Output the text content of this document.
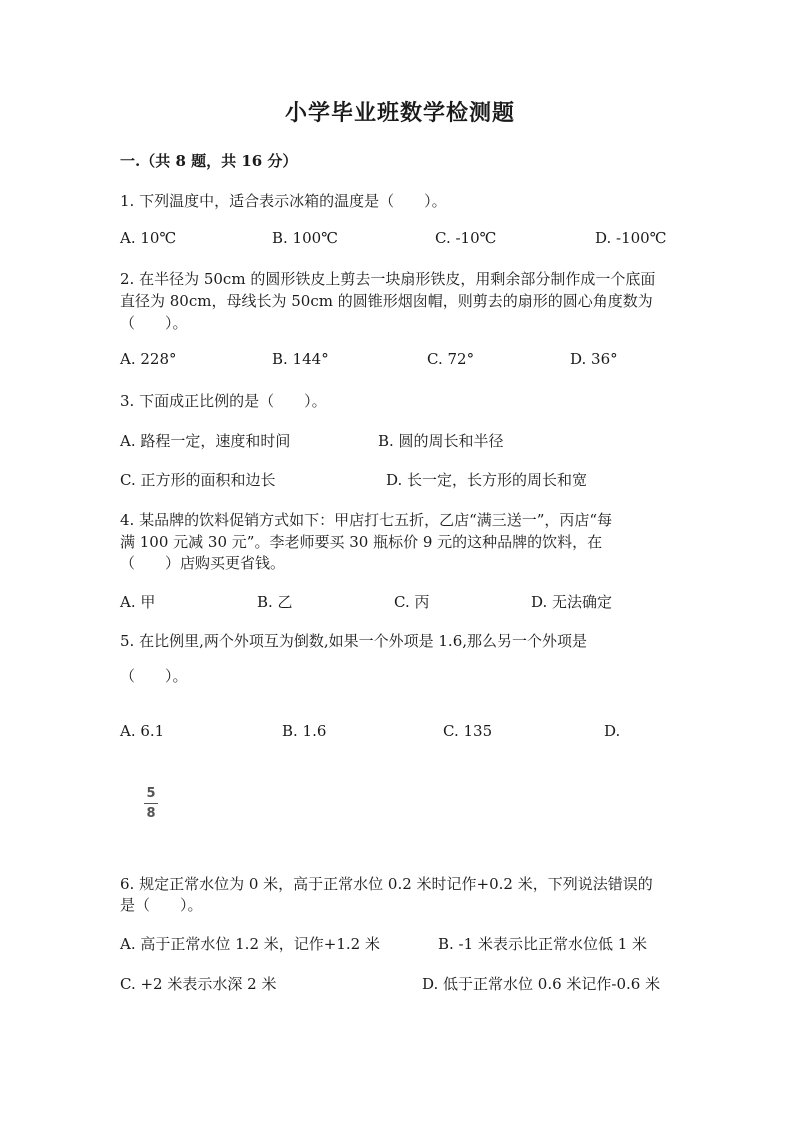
小学毕业班数学检测题
一.（共 8 题，共 16 分）
1. 下列温度中，适合表示冰箱的温度是（　　）。
A. 10℃	B. 100℃	C. -10℃	D. -100℃
2. 在半径为 50cm 的圆形铁皮上剪去一块扇形铁皮，用剩余部分制作成一个底面
直径为 80cm，母线长为 50cm 的圆锥形烟囱帽，则剪去的扇形的圆心角度数为
（　　）。
A. 228°	B. 144°	C. 72°	D. 36°
3. 下面成正比例的是（　　）。
A. 路程一定，速度和时间	B. 圆的周长和半径
C. 正方形的面积和边长	D. 长一定，长方形的周长和宽
4. 某品牌的饮料促销方式如下：甲店打七五折，乙店“满三送一”，丙店“每
满 100 元减 30 元”。李老师要买 30 瓶标价 9 元的这种品牌的饮料，在
（　　）店购买更省钱。
A. 甲	B. 乙	C. 丙	D. 无法确定
5. 在比例里,两个外项互为倒数,如果一个外项是 1.6,那么另一个外项是
（　　）。
A. 6.1	B. 1.6	C. 135	D.
5
8
6. 规定正常水位为 0 米，高于正常水位 0.2 米时记作+0.2 米，下列说法错误的
是（　　）。
A. 高于正常水位 1.2 米，记作+1.2 米	B. -1 米表示比正常水位低 1 米
C. +2 米表示水深 2 米	D. 低于正常水位 0.6 米记作-0.6 米
